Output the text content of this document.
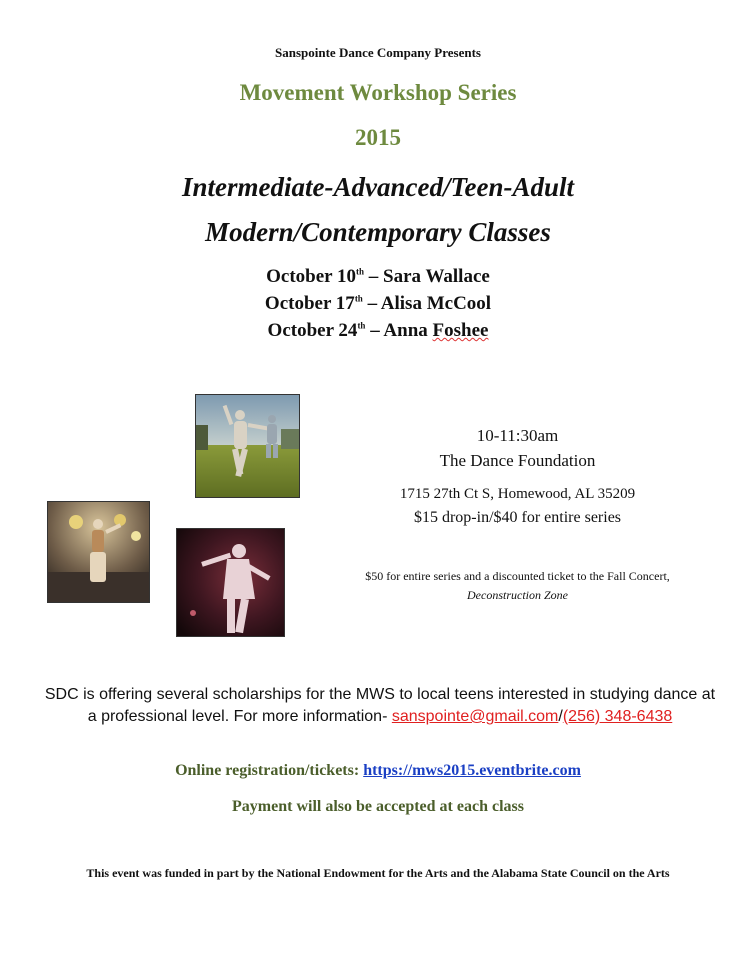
Sanspointe Dance Company Presents
Movement Workshop Series
2015
Intermediate-Advanced/Teen-Adult
Modern/Contemporary Classes
October 10th – Sara Wallace
October 17th – Alisa McCool
October 24th – Anna Foshee
10-11:30am
The Dance Foundation
1715 27th Ct S, Homewood, AL 35209
$15 drop-in/$40 for entire series
$50 for entire series and a discounted ticket to the Fall Concert, Deconstruction Zone
SDC is offering several scholarships for the MWS to local teens interested in studying dance at a professional level. For more information- sanspointe@gmail.com/(256) 348-6438
Online registration/tickets: https://mws2015.eventbrite.com
Payment will also be accepted at each class
This event was funded in part by the National Endowment for the Arts and the Alabama State Council on the Arts
